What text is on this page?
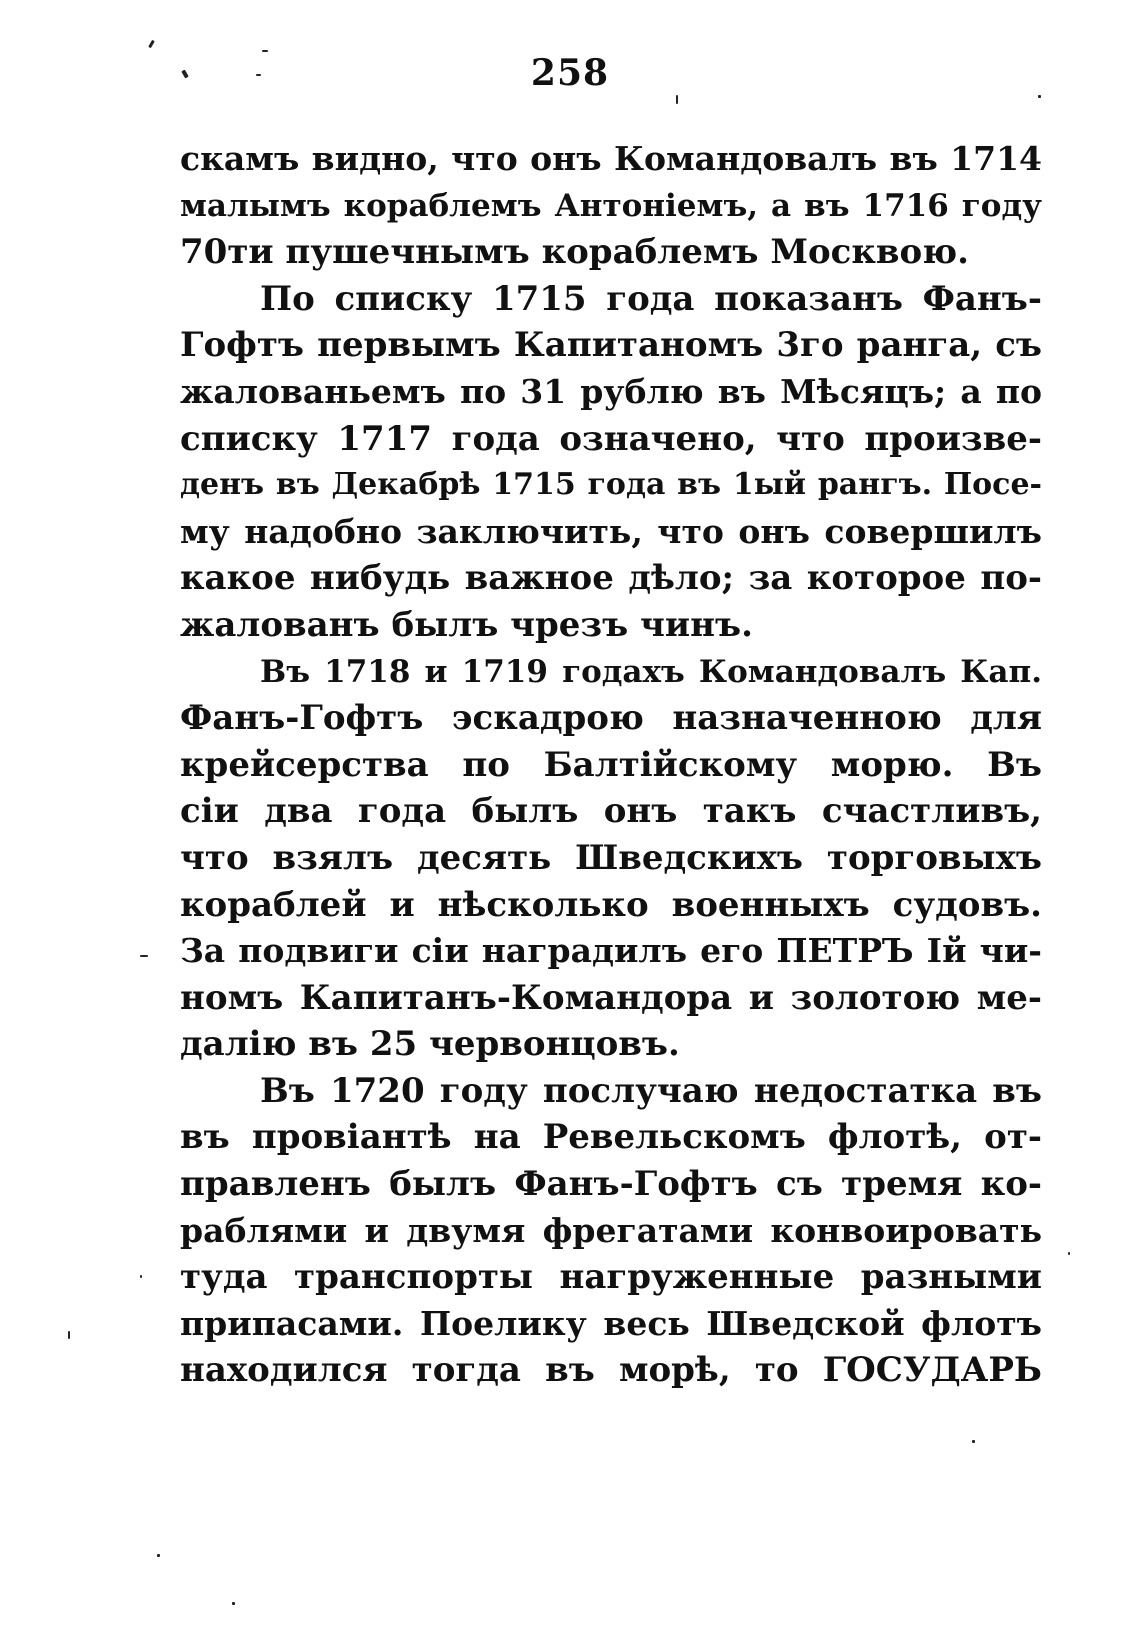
258
скамъ видно, что онъ Командовалъ въ 1714
малымъ кораблемъ Антоніемъ, а въ 1716 году
70ти пушечнымъ кораблемъ Москвою.
По списку 1715 года показанъ Фанъ-
Гофтъ первымъ Капитаномъ 3го ранга, съ
жалованьемъ по 31 рублю въ Мѣсяцъ; а по
списку 1717 года означено, что произве-
денъ въ Декабрѣ 1715 года въ 1ый рангъ. Посе-
му надобно заключить, что онъ совершилъ
какое нибудь важное дѣло; за которое по-
жалованъ былъ чрезъ чинъ.
Въ 1718 и 1719 годахъ Командовалъ Кап.
Фанъ-Гофтъ эскадрою назначенною для
крейсерства по Балтійскому морю. Въ
сіи два года былъ онъ такъ счастливъ,
что взялъ десять Шведскихъ торговыхъ
кораблей и нѣсколько военныхъ судовъ.
За подвиги сіи наградилъ его ПЕТРЪ Iй чи-
номъ Капитанъ-Командора и золотою ме-
далію въ 25 червонцовъ.
Въ 1720 году послучаю недостатка въ
въ провіантѣ на Ревельскомъ флотѣ, от-
правленъ былъ Фанъ-Гофтъ съ тремя ко-
раблями и двумя фрегатами конвоировать
туда транспорты нагруженные разными
припасами. Поелику весь Шведской флотъ
находился тогда въ морѣ, то ГОСУДАРЬ
